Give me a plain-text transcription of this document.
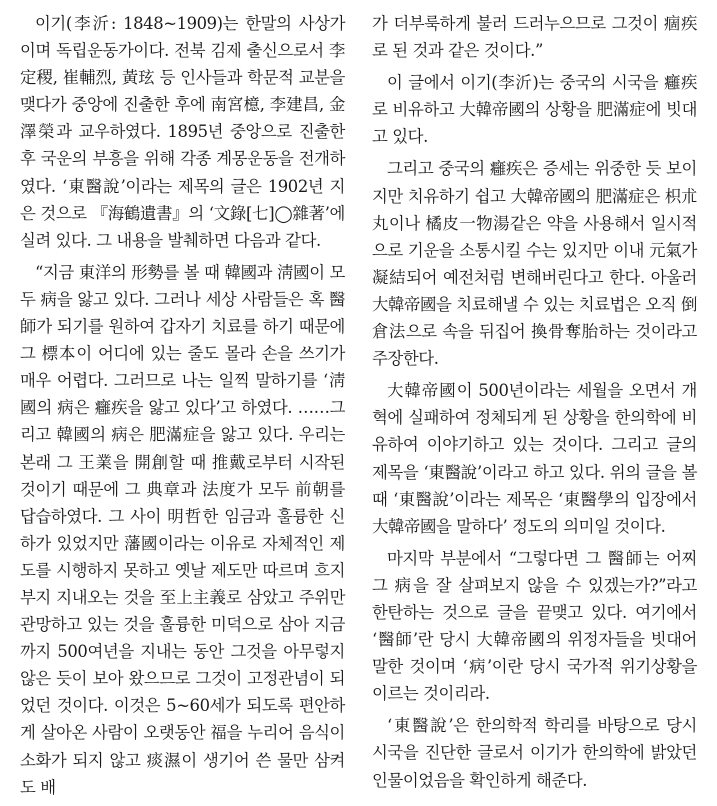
이기(李沂: 1848~1909)는 한말의 사상가이며 독립운동가이다. 전북 김제 출신으로서 李定稷, 崔輔烈, 黃玹 등 인사들과 학문적 교분을 맺다가 중앙에 진출한 후에 南宮檍, 李建昌, 金澤榮과 교우하였다. 1895년 중앙으로 진출한 후 국운의 부흥을 위해 각종 계몽운동을 전개하였다. ‘東醫說’이라는 제목의 글은 1902년 지은 것으로 『海鶴遺書』의 ‘文錄[七]◯雜著’에 실려 있다. 그 내용을 발췌하면 다음과 같다.

“지금 東洋의 形勢를 볼 때 韓國과 淸國이 모두 病을 앓고 있다. 그러나 세상 사람들은 혹 醫師가 되기를 원하여 갑자기 치료를 하기 때문에 그 標本이 어디에 있는 줄도 몰라 손을 쓰기가 매우 어렵다. 그러므로 나는 일찍 말하기를 ‘淸國의 病은 癰疾을 앓고 있다’고 하였다. ……그리고 韓國의 病은 肥滿症을 앓고 있다. 우리는 본래 그 王業을 開創할 때 推戴로부터 시작된 것이기 때문에 그 典章과 法度가 모두 前朝를 답습하였다. 그 사이 明哲한 임금과 훌륭한 신하가 있었지만 藩國이라는 이유로 자체적인 제도를 시행하지 못하고 옛날 제도만 따르며 흐지부지 지내오는 것을 至上主義로 삼았고 주위만 관망하고 있는 것을 훌륭한 미덕으로 삼아 지금까지 500여년을 지내는 동안 그것을 아무렇지 않은 듯이 보아 왔으므로 그것이 고정관념이 되었던 것이다. 이것은 5~60세가 되도록 편안하게 살아온 사람이 오랫동안 福을 누리어 음식이 소화가 되지 않고 痰濕이 생기어 쓴 물만 삼켜도 배

가 더부룩하게 불러 드러누으므로 그것이 痼疾로 된 것과 같은 것이다.”

이 글에서 이기(李沂)는 중국의 시국을 癰疾로 비유하고 大韓帝國의 상황을 肥滿症에 빗대고 있다.

그리고 중국의 癰疾은 증세는 위중한 듯 보이지만 치유하기 쉽고 大韓帝國의 肥滿症은 枳朮丸이나 橘皮一物湯같은 약을 사용해서 일시적으로 기운을 소통시킬 수는 있지만 이내 元氣가 凝結되어 예전처럼 변해버린다고 한다. 아울러 大韓帝國을 치료해낼 수 있는 치료법은 오직 倒倉法으로 속을 뒤집어 換骨奪胎하는 것이라고 주장한다.

大韓帝國이 500년이라는 세월을 오면서 개혁에 실패하여 정체되게 된 상황을 한의학에 비유하여 이야기하고 있는 것이다. 그리고 글의 제목을 ‘東醫說’이라고 하고 있다. 위의 글을 볼 때 ‘東醫說’이라는 제목은 ‘東醫學의 입장에서 大韓帝國을 말하다’ 정도의 의미일 것이다.

마지막 부분에서 “그렇다면 그 醫師는 어찌 그 病을 잘 살펴보지 않을 수 있겠는가?”라고 한탄하는 것으로 글을 끝맺고 있다. 여기에서 ‘醫師’란 당시 大韓帝國의 위정자들을 빗대어 말한 것이며 ‘病’이란 당시 국가적 위기상황을 이르는 것이리라.

‘東醫說’은 한의학적 학리를 바탕으로 당시 시국을 진단한 글로서 이기가 한의학에 밝았던 인물이었음을 확인하게 해준다.
